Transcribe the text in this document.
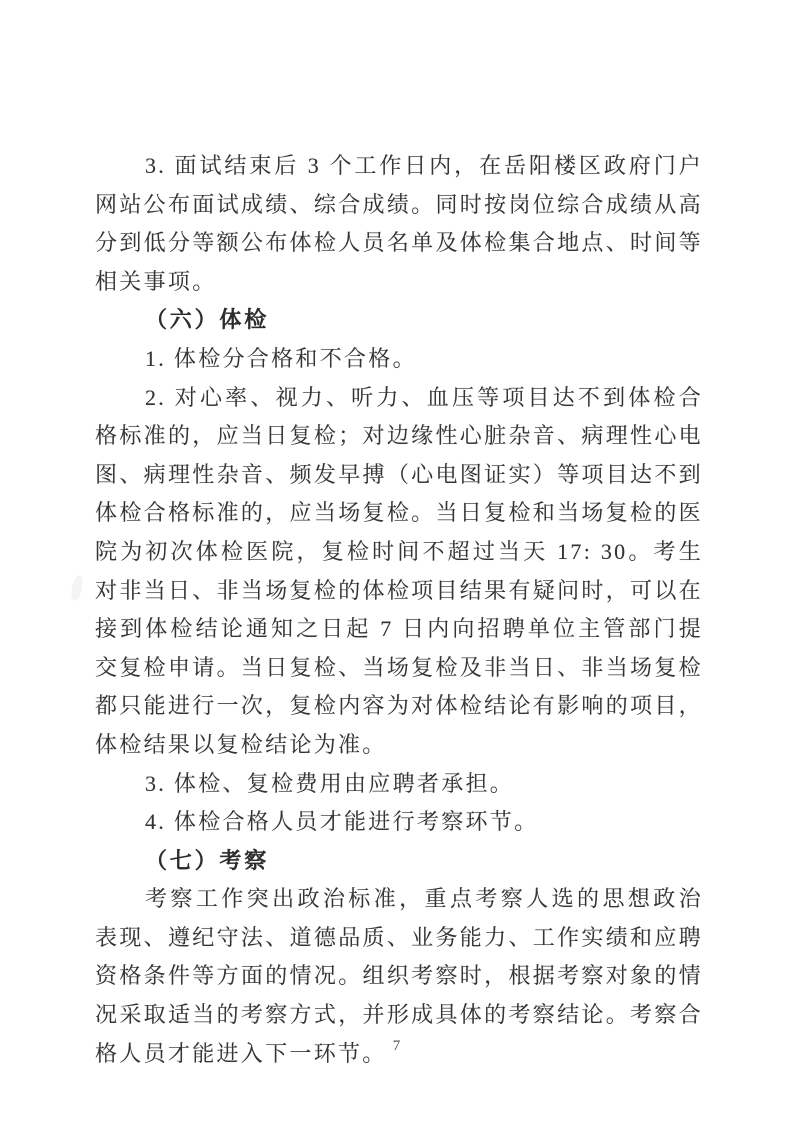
3. 面试结束后 3 个工作日内，在岳阳楼区政府门户网站公布面试成绩、综合成绩。同时按岗位综合成绩从高分到低分等额公布体检人员名单及体检集合地点、时间等相关事项。

（六）体检

1. 体检分合格和不合格。

2. 对心率、视力、听力、血压等项目达不到体检合格标准的，应当日复检；对边缘性心脏杂音、病理性心电图、病理性杂音、频发早搏（心电图证实）等项目达不到体检合格标准的，应当场复检。当日复检和当场复检的医院为初次体检医院，复检时间不超过当天 17: 30。考生对非当日、非当场复检的体检项目结果有疑问时，可以在接到体检结论通知之日起 7 日内向招聘单位主管部门提交复检申请。当日复检、当场复检及非当日、非当场复检都只能进行一次，复检内容为对体检结论有影响的项目，体检结果以复检结论为准。

3. 体检、复检费用由应聘者承担。

4. 体检合格人员才能进行考察环节。

（七）考察

考察工作突出政治标准，重点考察人选的思想政治表现、遵纪守法、道德品质、业务能力、工作实绩和应聘资格条件等方面的情况。组织考察时，根据考察对象的情况采取适当的考察方式，并形成具体的考察结论。考察合格人员才能进入下一环节。 7
